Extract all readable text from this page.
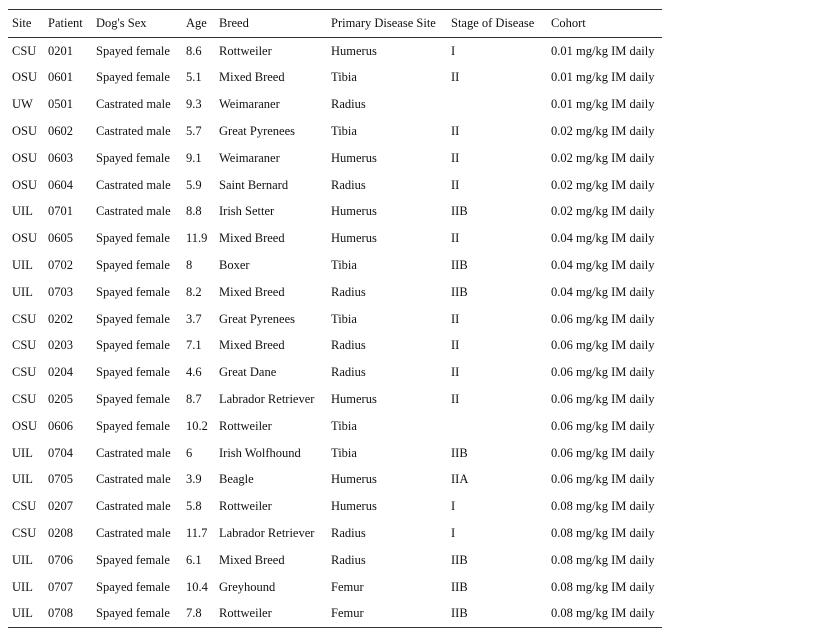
Site	Patient	Dog's Sex	Age	Breed	Primary Disease Site	Stage of Disease	Cohort
CSU	0201	Spayed female	8.6	Rottweiler	Humerus	I	0.01 mg/kg IM daily
OSU	0601	Spayed female	5.1	Mixed Breed	Tibia	II	0.01 mg/kg IM daily
UW	0501	Castrated male	9.3	Weimaraner	Radius		0.01 mg/kg IM daily
OSU	0602	Castrated male	5.7	Great Pyrenees	Tibia	II	0.02 mg/kg IM daily
OSU	0603	Spayed female	9.1	Weimaraner	Humerus	II	0.02 mg/kg IM daily
OSU	0604	Castrated male	5.9	Saint Bernard	Radius	II	0.02 mg/kg IM daily
UIL	0701	Castrated male	8.8	Irish Setter	Humerus	IIB	0.02 mg/kg IM daily
OSU	0605	Spayed female	11.9	Mixed Breed	Humerus	II	0.04 mg/kg IM daily
UIL	0702	Spayed female	8	Boxer	Tibia	IIB	0.04 mg/kg IM daily
UIL	0703	Spayed female	8.2	Mixed Breed	Radius	IIB	0.04 mg/kg IM daily
CSU	0202	Spayed female	3.7	Great Pyrenees	Tibia	II	0.06 mg/kg IM daily
CSU	0203	Spayed female	7.1	Mixed Breed	Radius	II	0.06 mg/kg IM daily
CSU	0204	Spayed female	4.6	Great Dane	Radius	II	0.06 mg/kg IM daily
CSU	0205	Spayed female	8.7	Labrador Retriever	Humerus	II	0.06 mg/kg IM daily
OSU	0606	Spayed female	10.2	Rottweiler	Tibia		0.06 mg/kg IM daily
UIL	0704	Castrated male	6	Irish Wolfhound	Tibia	IIB	0.06 mg/kg IM daily
UIL	0705	Castrated male	3.9	Beagle	Humerus	IIA	0.06 mg/kg IM daily
CSU	0207	Castrated male	5.8	Rottweiler	Humerus	I	0.08 mg/kg IM daily
CSU	0208	Castrated male	11.7	Labrador Retriever	Radius	I	0.08 mg/kg IM daily
UIL	0706	Spayed female	6.1	Mixed Breed	Radius	IIB	0.08 mg/kg IM daily
UIL	0707	Spayed female	10.4	Greyhound	Femur	IIB	0.08 mg/kg IM daily
UIL	0708	Spayed female	7.8	Rottweiler	Femur	IIB	0.08 mg/kg IM daily
